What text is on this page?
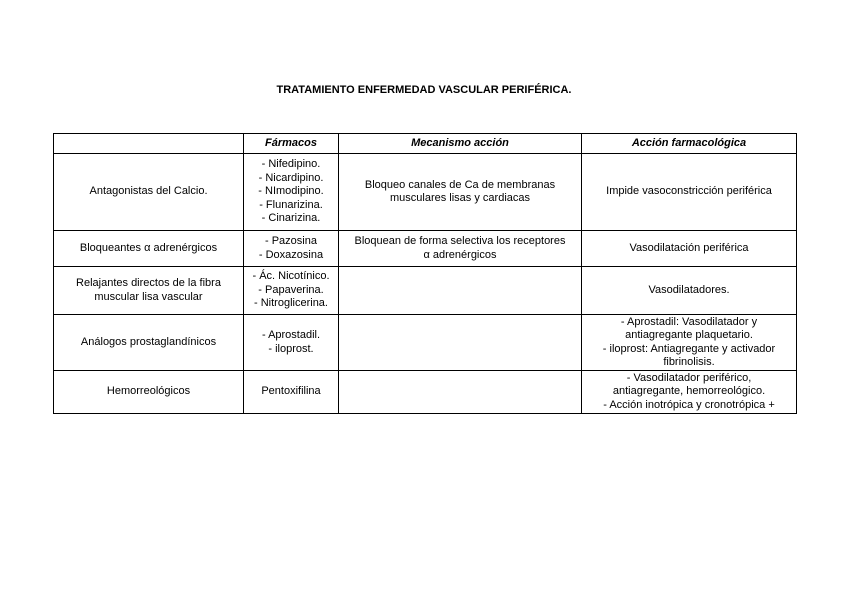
TRATAMIENTO ENFERMEDAD VASCULAR PERIFÉRICA.
	Fármacos	Mecanismo acción	Acción farmacológica

Antagonistas del Calcio.	- Nifedipino.
- Nicardipino.
- NImodipino.
- Flunarizina.
- Cinarizina.	Bloqueo canales de Ca de membranas
musculares lisas y cardiacas	Impide vasoconstricción periférica

Bloqueantes α adrenérgicos	- Pazosina
- Doxazosina	Bloquean de forma selectiva los receptores
α adrenérgicos	Vasodilatación periférica

Relajantes directos de la fibra
muscular lisa vascular	- Ác. Nicotínico.
- Papaverina.
- Nitroglicerina.		Vasodilatadores.

Análogos prostaglandínicos	- Aprostadil.
- iloprost.		- Aprostadil: Vasodilatador y
antiagregante plaquetario.
- iloprost: Antiagregante y activador
fibrinolisis.

Hemorreológicos	Pentoxifilina		- Vasodilatador periférico,
antiagregante, hemorreológico.
- Acción inotrópica y cronotrópica +
